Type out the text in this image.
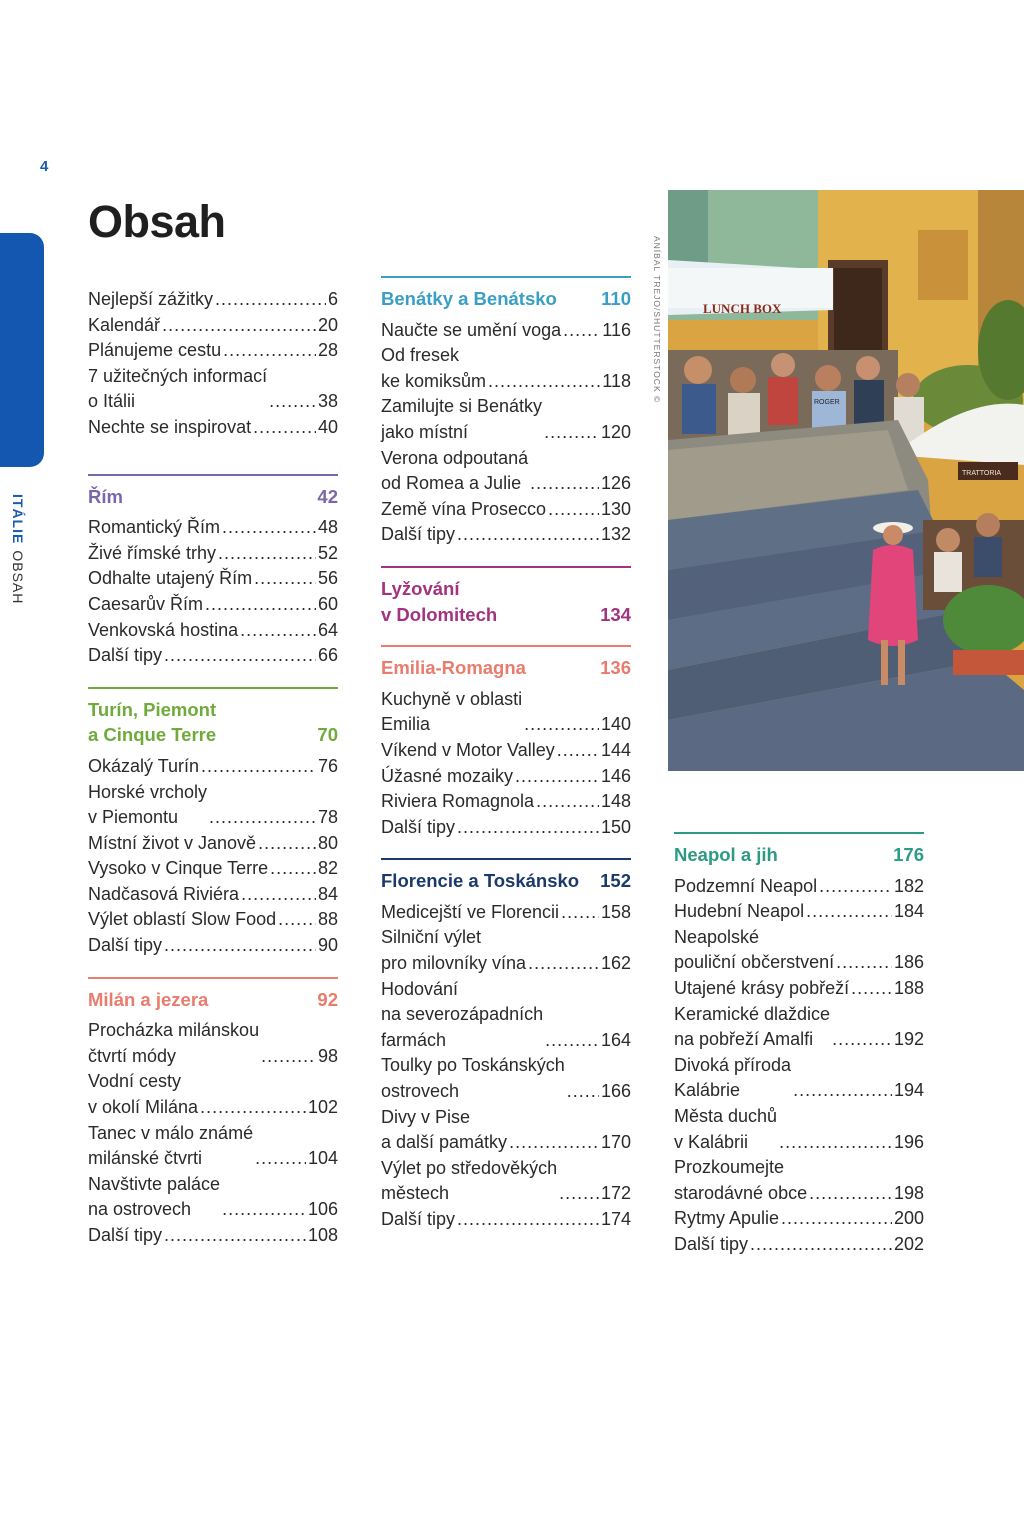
4
ITÁLIEOBSAH
Obsah
Nejlepší zážitky .....	6
Kalendář .....	20
Plánujeme cestu .....	28
7 užitečných informací
o Itálii .....	38
Nechte se inspirovat .....	40
Řím	42
Romantický Řím .....	48
Živé římské trhy .....	52
Odhalte utajený Řím .....	56
Caesarův Řím .....	60
Venkovská hostina .....	64
Další tipy .....	66
Turín, Piemont
a Cinque Terre	70
Okázalý Turín .....	76
Horské vrcholy
v Piemontu .....	78
Místní život v Janově .....	80
Vysoko v Cinque Terre .....	82
Nadčasová Riviéra .....	84
Výlet oblastí Slow Food ..... 88
Další tipy .....	90
Milán a jezera	92
Procházka milánskou
čtvrtí módy .....	98
Vodní cesty
v okolí Milána .....	102
Tanec v málo známé
milánské čtvrti .....	104
Navštivte paláce
na ostrovech .....	106
Další tipy .....	108
Benátky a Benátsko 110
Naučte se umění voga ..... 116
Od fresek
ke komiksům .....	118
Zamilujte si Benátky
jako místní .....	120
Verona odpoutaná
od Romea a Julie .....	126
Země vína Prosecco .....	130
Další tipy .....	132
Lyžování
v Dolomitech	134
Emilia-Romagna	136
Kuchyně v oblasti
Emilia .....	140
Víkend v Motor Valley .....	144
Úžasné mozaiky .....	146
Riviera Romagnola .....	148
Další tipy .....	150
Florencie a Toskánsko 152
Medicejští ve Florencii ..... 158
Silniční výlet
pro milovníky vína .....	162
Hodování
na severozápadních
farmách .....	164
Toulky po Toskánských
ostrovech .....	166
Divy v Pise
a další památky .....	170
Výlet po středověkých
městech .....	172
Další tipy .....	174
Neapol a jih	176
Podzemní Neapol .....	182
Hudební Neapol .....	184
Neapolské
pouliční občerstvení .....	186
Utajené krásy pobřeží ..... 188
Keramické dlaždice
na pobřeží Amalfi .....	192
Divoká příroda
Kalábrie .....	194
Města duchů
v Kalábrii .....	196
Prozkoumejte
starodávné obce .....	198
Rytmy Apulie .....	200
Další tipy .....	202
ANÍBAL TREJO/SHUTTERSTOCK ©	LUNCH BOX
ROGER
TRATTORIA
